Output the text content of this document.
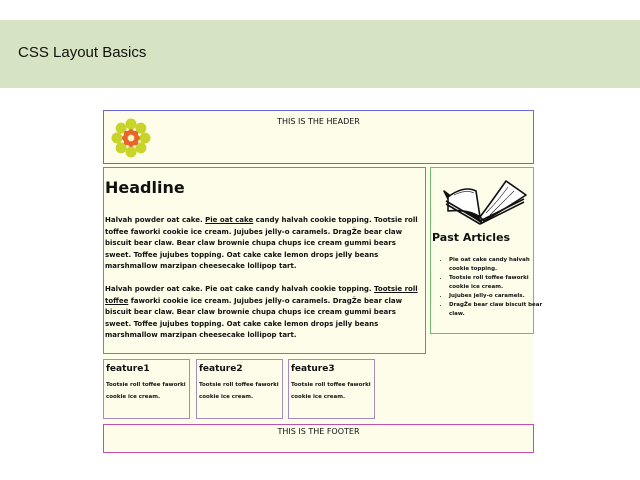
CSS Layout Basics
THIS IS THE HEADER
Headline
Halvah powder oat cake. Pie oat cake candy halvah cookie topping. Tootsie roll toffee faworki cookie ice cream. Jujubes jelly-o caramels. DragŽe bear claw biscuit bear claw. Bear claw brownie chupa chups ice cream gummi bears sweet. Toffee jujubes topping. Oat cake cake lemon drops jelly beans marshmallow marzipan cheesecake lollipop tart.
Halvah powder oat cake. Pie oat cake candy halvah cookie topping. Tootsie roll toffee faworki cookie ice cream. Jujubes jelly-o caramels. DragŽe bear claw biscuit bear claw. Bear claw brownie chupa chups ice cream gummi bears sweet. Toffee jujubes topping. Oat cake cake lemon drops jelly beans marshmallow marzipan cheesecake lollipop tart.
Past Articles
• Pie oat cake candy halvah cookie topping.
• Tootsie roll toffee faworki cookie ice cream.
• Jujubes jelly-o caramels.
• DragŽe bear claw biscuit bear claw.
feature1
Tootsie roll toffee faworki cookie ice cream.
feature2
Tootsie roll toffee faworki cookie ice cream.
feature3
Tootsie roll toffee faworki cookie ice cream.
THIS IS THE FOOTER
